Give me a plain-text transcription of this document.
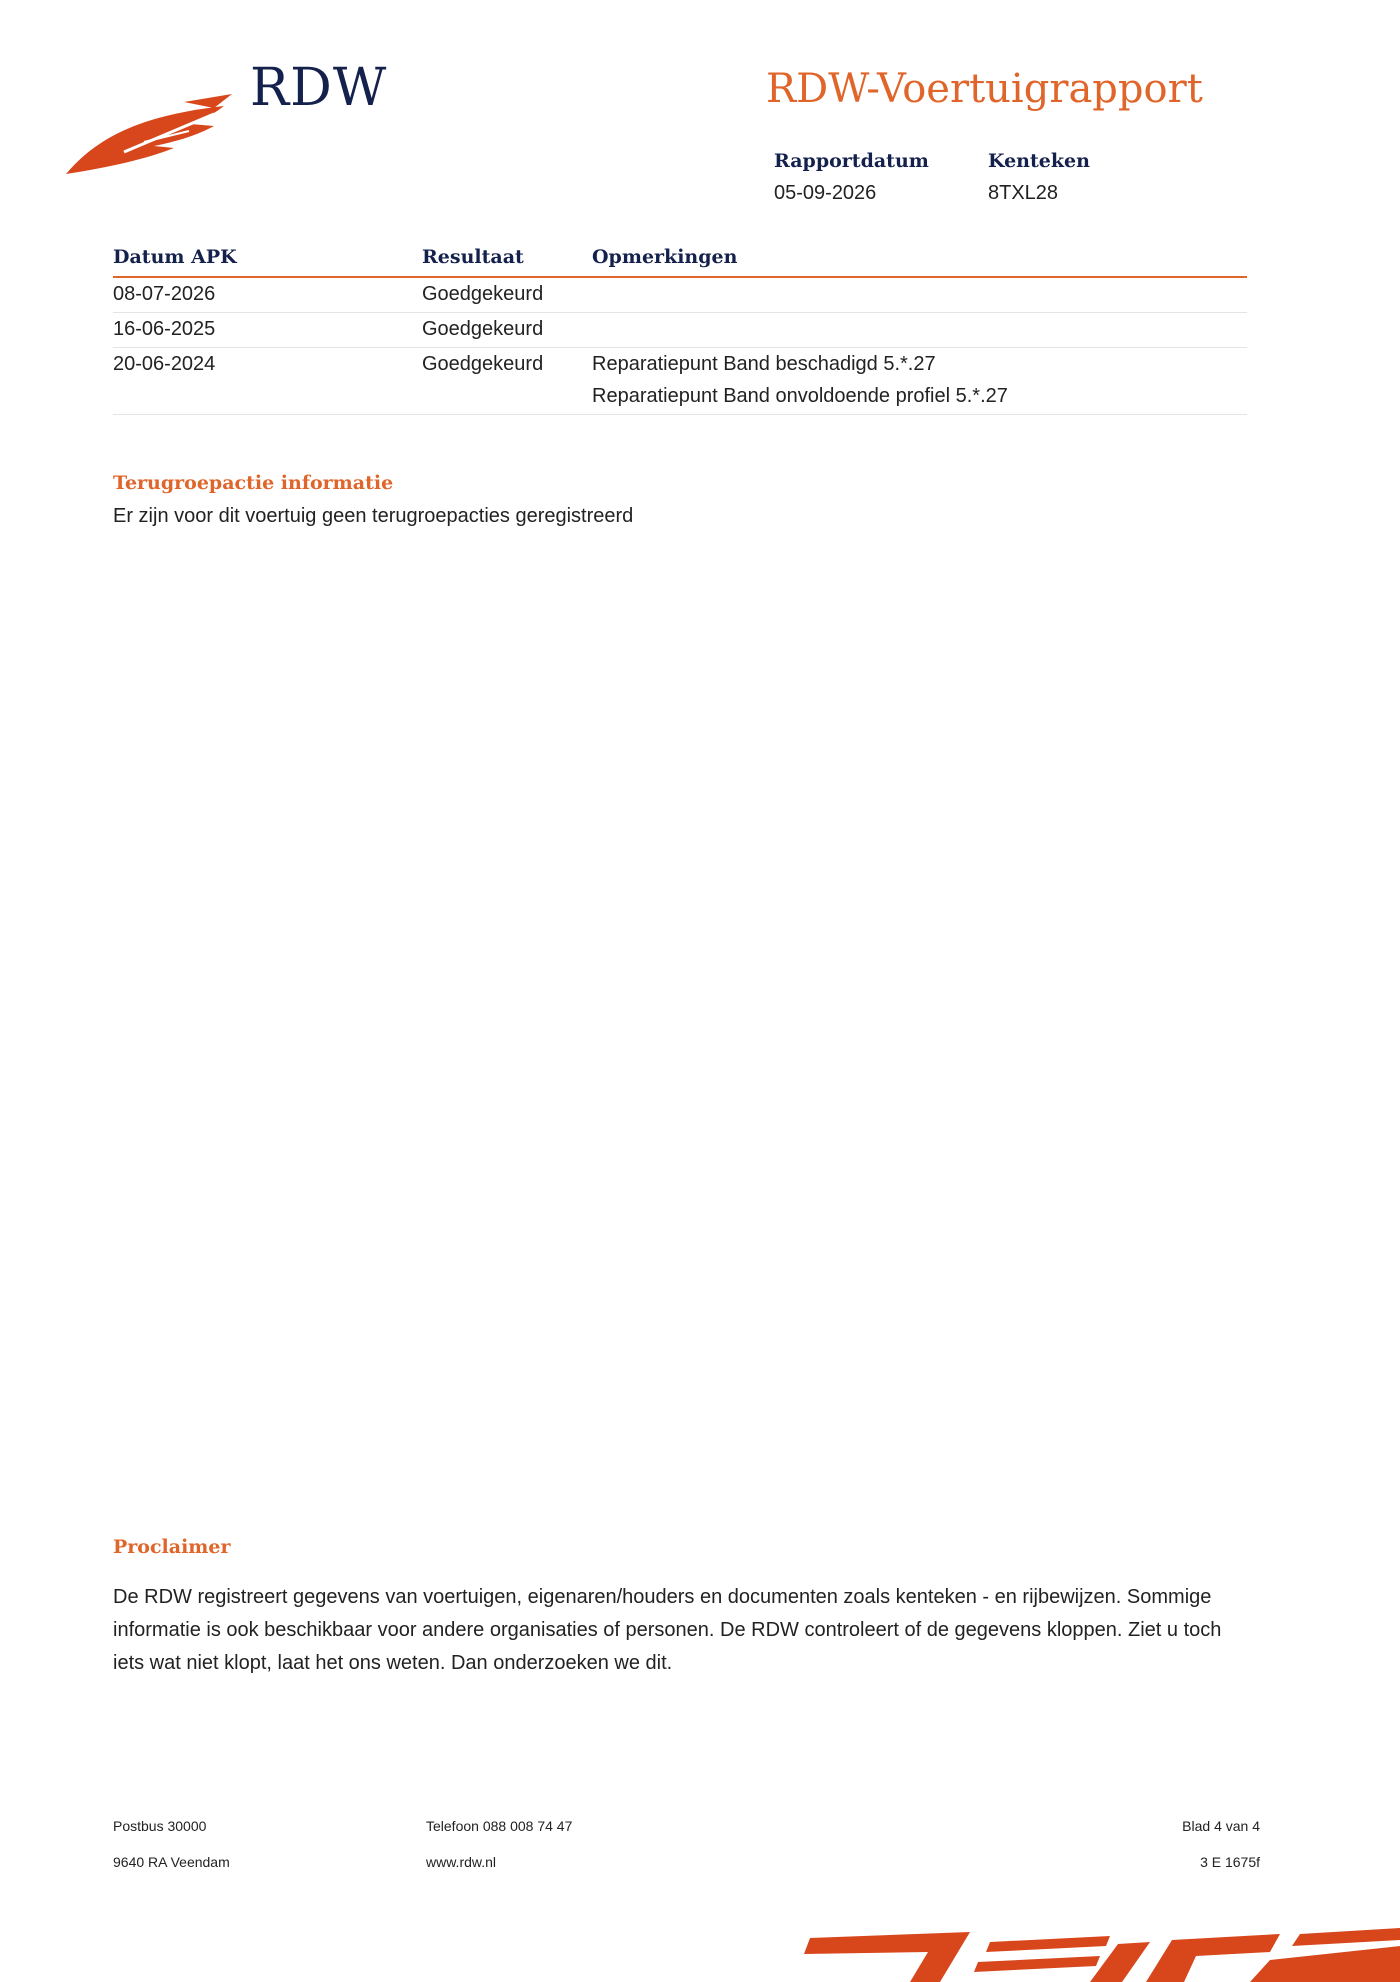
RDW	RDW-Voertuigrapport
Rapportdatum
05-09-2026
Kenteken
8TXL28
Datum APK	Resultaat	Opmerkingen
08-07-2026	Goedgekeurd	
16-06-2025	Goedgekeurd	
20-06-2024	Goedgekeurd	Reparatiepunt Band beschadigd 5.*.27
Reparatiepunt Band onvoldoende profiel 5.*.27
Terugroepactie informatie
Er zijn voor dit voertuig geen terugroepacties geregistreerd
Proclaimer
De RDW registreert gegevens van voertuigen, eigenaren/houders en documenten zoals kenteken - en rijbewijzen. Sommige informatie is ook beschikbaar voor andere organisaties of personen. De RDW controleert of de gegevens kloppen. Ziet u toch iets wat niet klopt, laat het ons weten. Dan onderzoeken we dit.
Postbus 30000
9640 RA Veendam
Telefoon 088 008 74 47
www.rdw.nl
Blad 4 van 4
3 E 1675f
